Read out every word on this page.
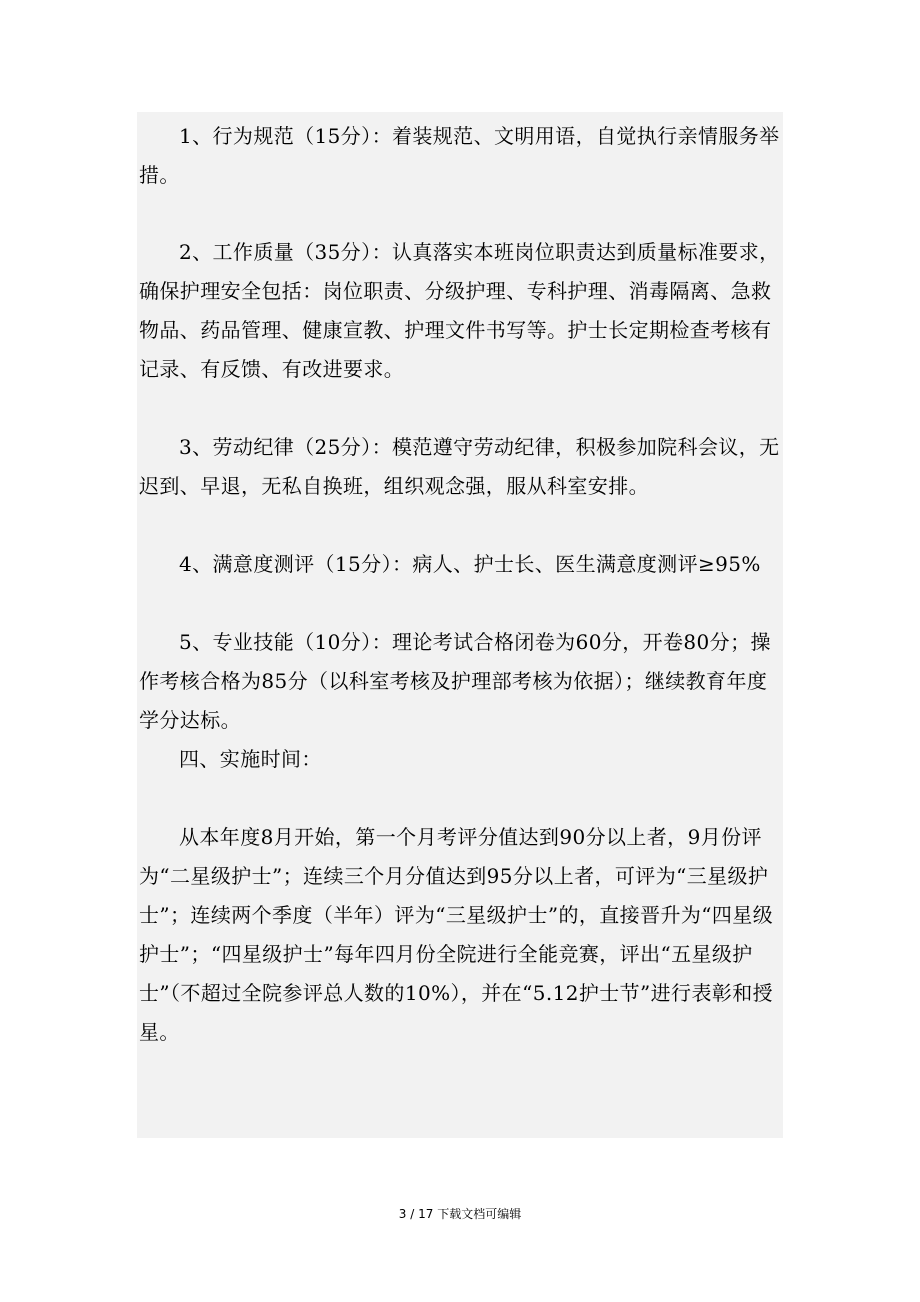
1、行为规范（15分）：着装规范、文明用语，自觉执行亲情服务举措。

2、工作质量（35分）：认真落实本班岗位职责达到质量标准要求，确保护理安全包括：岗位职责、分级护理、专科护理、消毒隔离、急救物品、药品管理、健康宣教、护理文件书写等。护士长定期检查考核有记录、有反馈、有改进要求。

3、劳动纪律（25分）：模范遵守劳动纪律，积极参加院科会议，无迟到、早退，无私自换班，组织观念强，服从科室安排。

4、满意度测评（15分）：病人、护士长、医生满意度测评≥95%

5、专业技能（10分）：理论考试合格闭卷为60分，开卷80分；操作考核合格为85分（以科室考核及护理部考核为依据）；继续教育年度学分达标。

四、实施时间：

从本年度8月开始，第一个月考评分值达到90分以上者，9月份评为“二星级护士”；连续三个月分值达到95分以上者，可评为“三星级护士”；连续两个季度（半年）评为“三星级护士”的，直接晋升为“四星级护士”；“四星级护士”每年四月份全院进行全能竞赛，评出“五星级护士”（不超过全院参评总人数的10%），并在“5.12护士节”进行表彰和授星。

3 / 17 下载文档可编辑
